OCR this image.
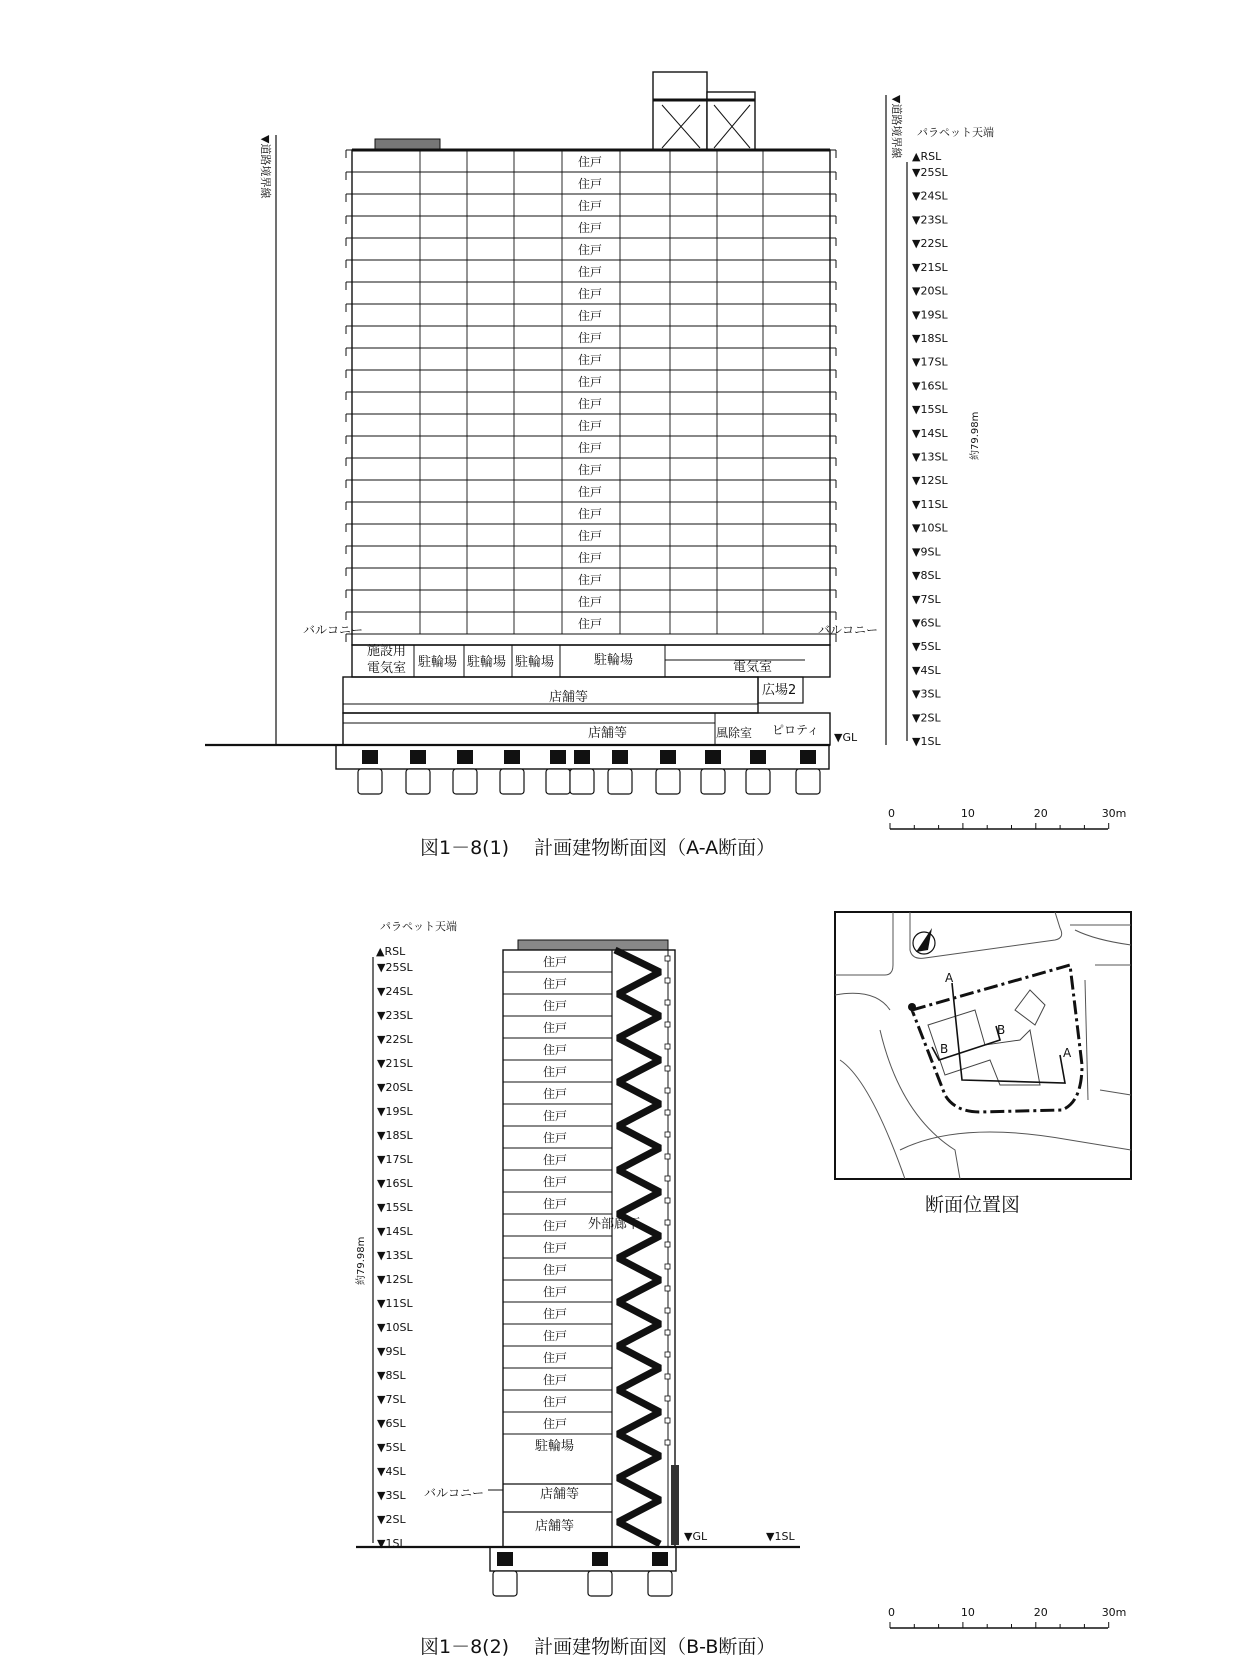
▼道路境界線
▼道路境界線
住戸
住戸
住戸
住戸
住戸
住戸
住戸
住戸
住戸
住戸
住戸
住戸
住戸
住戸
住戸
住戸
住戸
住戸
住戸
住戸
住戸
住戸
▼25SL
▼24SL
▼23SL
▼22SL
▼21SL
▼20SL
▼19SL
▼18SL
▼17SL
▼16SL
▼15SL
▼14SL
▼13SL
▼12SL
▼11SL
▼10SL
▼9SL
▼8SL
▼7SL
▼6SL
▼5SL
▼4SL
▼3SL
▼2SL
▼1SL
パラペット天端
▲RSL
約79.98m
▼GL
バルコニー	バルコニー
施設用
電気室 駐輪場 駐輪場 駐輪場	駐輪場	電気室
店舗等	広場2
店舗等	風除室 ピロティ
0	10	20	30m
住戸
住戸
住戸
住戸
住戸
住戸
住戸
住戸
住戸
住戸
住戸
住戸
住戸
住戸
住戸
住戸
住戸
住戸
住戸
住戸
住戸
住戸
▼25SL
▼24SL
▼23SL
▼22SL
▼21SL
▼20SL
▼19SL
▼18SL
▼17SL
▼16SL
▼15SL
▼14SL
▼13SL
▼12SL
▼11SL
▼10SL
▼9SL
▼8SL
▼7SL
▼6SL
▼5SL
▼4SL
▼3SL
▼2SL
▼1SL
パラペット天端
▲RSL
約79.98m
▼GL	▼1SL
バルコニー
外部廊下
駐輪場
店舗等
店舗等
0	10	20	30m
A
A
B
B
図1－8(1)　 計画建物断面図（A-A断面）
図1－8(2)　 計画建物断面図（B-B断面）
断面位置図
